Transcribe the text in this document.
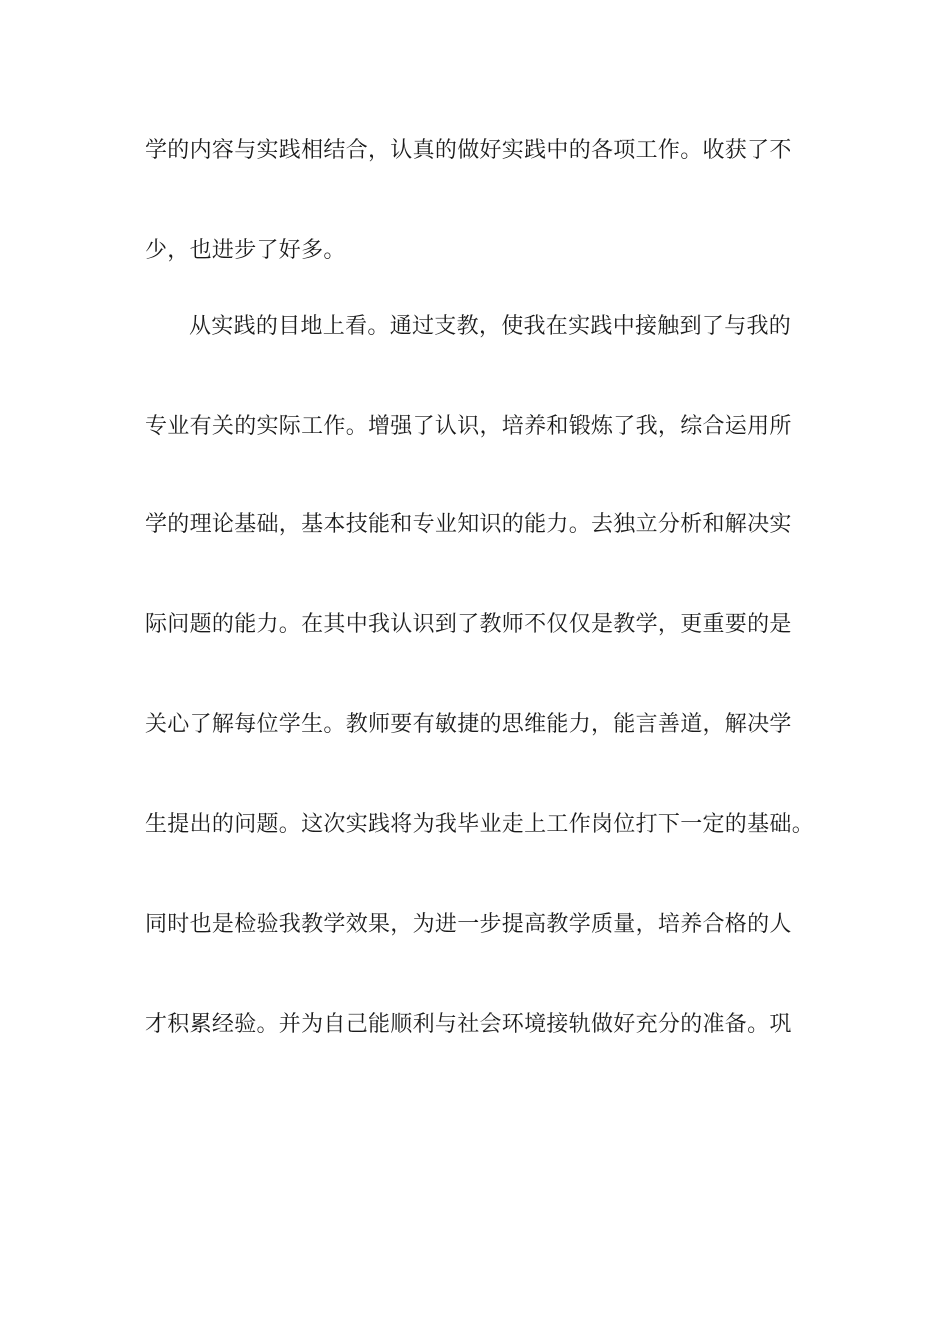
学的内容与实践相结合，认真的做好实践中的各项工作。收获了不
少，也进步了好多。
从实践的目地上看。通过支教，使我在实践中接触到了与我的
专业有关的实际工作。增强了认识，培养和锻炼了我，综合运用所
学的理论基础，基本技能和专业知识的能力。去独立分析和解决实
际问题的能力。在其中我认识到了教师不仅仅是教学，更重要的是
关心了解每位学生。教师要有敏捷的思维能力，能言善道，解决学
生提出的问题。这次实践将为我毕业走上工作岗位打下一定的基础。
同时也是检验我教学效果，为进一步提高教学质量，培养合格的人
才积累经验。并为自己能顺利与社会环境接轨做好充分的准备。巩
